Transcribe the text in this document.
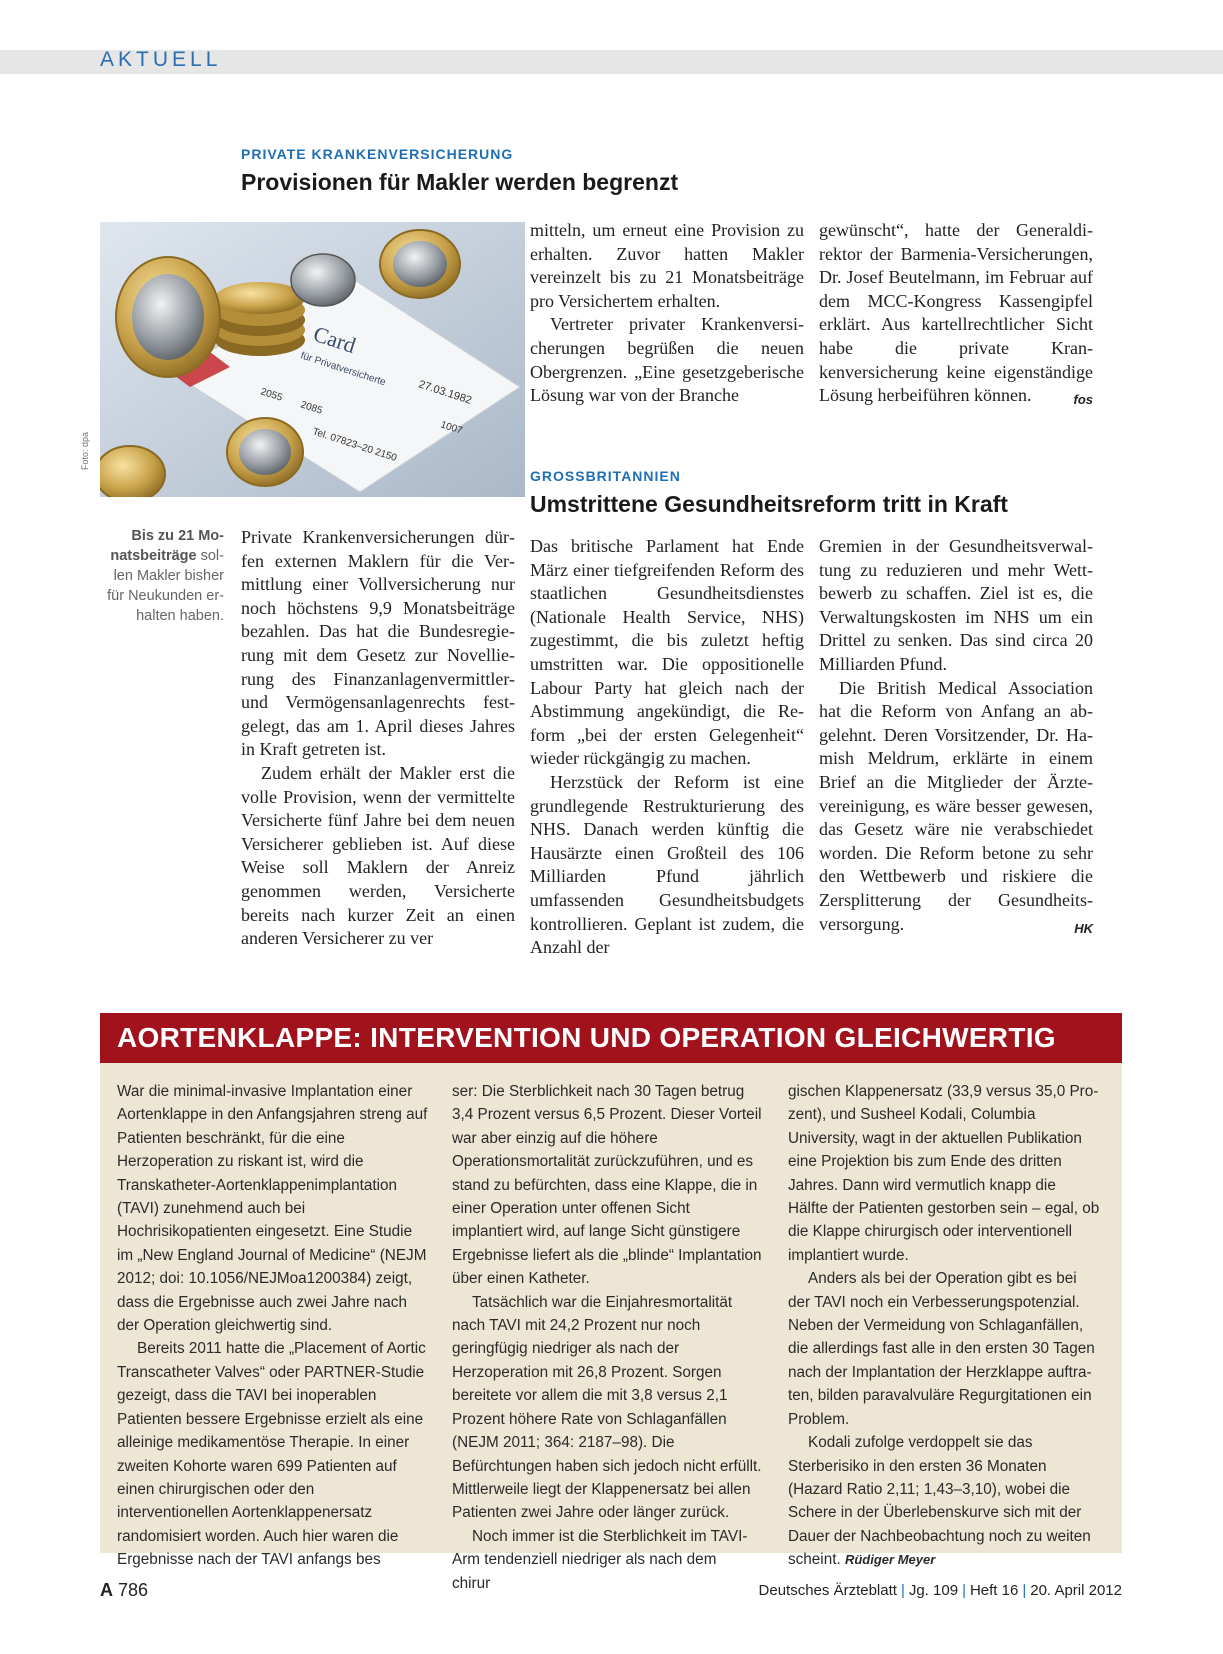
AKTUELL
PRIVATE KRANKENVERSICHERUNG
Provisionen für Makler werden begrenzt
Card
für Privatversicherte
27.03.1982
2055
2085
Tel. 07823–20 2150	1007
Foto: dpa
Bis zu 21 Mo-natsbeiträge sol-len Makler bisher für Neukunden er-halten haben.

Private Krankenversicherungen dürfen externen Maklern für die Vermittlung einer Vollversicherung nur noch höchstens 9,9 Monatsbeiträge bezahlen. Das hat die Bundesregierung mit dem Gesetz zur Novellierung des Finanzanlagenvermittler- und Vermögensanlagenrechts festgelegt, das am 1. April dieses Jahres in Kraft getreten ist.

Zudem erhält der Makler erst die volle Provision, wenn der vermittelte Versicherte fünf Jahre bei dem neuen Versicherer geblieben ist. Auf diese Weise soll Maklern der Anreiz genommen werden, Versicherte bereits nach kurzer Zeit an einen anderen Versicherer zu ver

mitteln, um erneut eine Provision zu erhalten. Zuvor hatten Makler vereinzelt bis zu 21 Monatsbeiträge pro Versichertem erhalten.

Vertreter privater Krankenversicherungen begrüßen die neuen Obergrenzen. „Eine gesetzgeberische Lösung war von der Branche

gewünscht“, hatte der Generaldirektor der Barmenia-Versicherungen, Dr. Josef Beutelmann, im Februar auf dem MCC-Kongress Kassengipfel erklärt. Aus kartellrechtlicher Sicht habe die private Krankenversicherung keine eigenständige Lösung herbeiführen können.	fos

GROSSBRITANNIEN
Umstrittene Gesundheitsreform tritt in Kraft

Das britische Parlament hat Ende März einer tiefgreifenden Reform des staatlichen Gesundheitsdienstes (Nationale Health Service, NHS) zugestimmt, die bis zuletzt heftig umstritten war. Die oppositionelle Labour Party hat gleich nach der Abstimmung angekündigt, die Reform „bei der ersten Gelegenheit“ wieder rückgängig zu machen.

Herzstück der Reform ist eine grundlegende Restrukturierung des NHS. Danach werden künftig die Hausärzte einen Großteil des 106 Milliarden Pfund jährlich umfassenden Gesundheitsbudgets kontrollieren. Geplant ist zudem, die Anzahl der

Gremien in der Gesundheitsverwaltung zu reduzieren und mehr Wettbewerb zu schaffen. Ziel ist es, die Verwaltungskosten im NHS um ein Drittel zu senken. Das sind circa 20 Milliarden Pfund.

Die British Medical Association hat die Reform von Anfang an abgelehnt. Deren Vorsitzender, Dr. Hamish Meldrum, erklärte in einem Brief an die Mitglieder der Ärztevereinigung, es wäre besser gewesen, das Gesetz wäre nie verabschiedet worden. Die Reform betone zu sehr den Wettbewerb und riskiere die Zersplitterung der Gesundheitsversorgung.	HK

AORTENKLAPPE: INTERVENTION UND OPERATION GLEICHWERTIG

War die minimal-invasive Implantation einer Aortenklappe in den Anfangsjahren streng auf Patienten beschränkt, für die eine Herzoperation zu riskant ist, wird die Transkatheter-Aortenklappenimplantation (TAVI) zunehmend auch bei Hochrisikopatienten eingesetzt. Eine Studie im „New England Journal of Medicine“ (NEJM 2012; doi: 10.1056/NEJMoa1200384) zeigt, dass die Ergebnisse auch zwei Jahre nach der Operation gleichwertig sind.

Bereits 2011 hatte die „Placement of Aortic Transcatheter Valves“ oder PARTNER-Studie gezeigt, dass die TAVI bei inoperablen Patienten bessere Ergebnisse erzielt als eine alleinige medikamentöse Therapie. In einer zweiten Kohorte waren 699 Patienten auf einen chirurgischen oder den interventionellen Aortenklappenersatz randomisiert worden. Auch hier waren die Ergebnisse nach der TAVI anfangs bes

ser: Die Sterblichkeit nach 30 Tagen betrug 3,4 Prozent versus 6,5 Prozent. Dieser Vorteil war aber einzig auf die höhere Operationsmortalität zurückzuführen, und es stand zu befürchten, dass eine Klappe, die in einer Operation unter offenen Sicht implantiert wird, auf lange Sicht günstigere Ergebnisse liefert als die „blinde“ Implantation über einen Katheter.

Tatsächlich war die Einjahresmortalität nach TAVI mit 24,2 Prozent nur noch geringfügig niedriger als nach der Herzoperation mit 26,8 Prozent. Sorgen bereitete vor allem die mit 3,8 versus 2,1 Prozent höhere Rate von Schlaganfällen (NEJM 2011; 364: 2187–98). Die Befürchtungen haben sich jedoch nicht erfüllt. Mittlerweile liegt der Klappenersatz bei allen Patienten zwei Jahre oder länger zurück.

Noch immer ist die Sterblichkeit im TAVI-Arm tendenziell niedriger als nach dem chirur

gischen Klappenersatz (33,9 versus 35,0 Prozent), und Susheel Kodali, Columbia University, wagt in der aktuellen Publikation eine Projektion bis zum Ende des dritten Jahres. Dann wird vermutlich knapp die Hälfte der Patienten gestorben sein – egal, ob die Klappe chirurgisch oder interventionell implantiert wurde.

Anders als bei der Operation gibt es bei der TAVI noch ein Verbesserungspotenzial. Neben der Vermeidung von Schlaganfällen, die allerdings fast alle in den ersten 30 Tagen nach der Implantation der Herzklappe auftraten, bilden paravalvuläre Regurgitationen ein Problem.

Kodali zufolge verdoppelt sie das Sterberisiko in den ersten 36 Monaten (Hazard Ratio 2,11; 1,43–3,10), wobei die Schere in der Überlebenskurve sich mit der Dauer der Nachbeobachtung noch zu weiten scheint. Rüdiger Meyer

A 786	Deutsches Ärzteblatt | Jg. 109 | Heft 16 | 20. April 2012
